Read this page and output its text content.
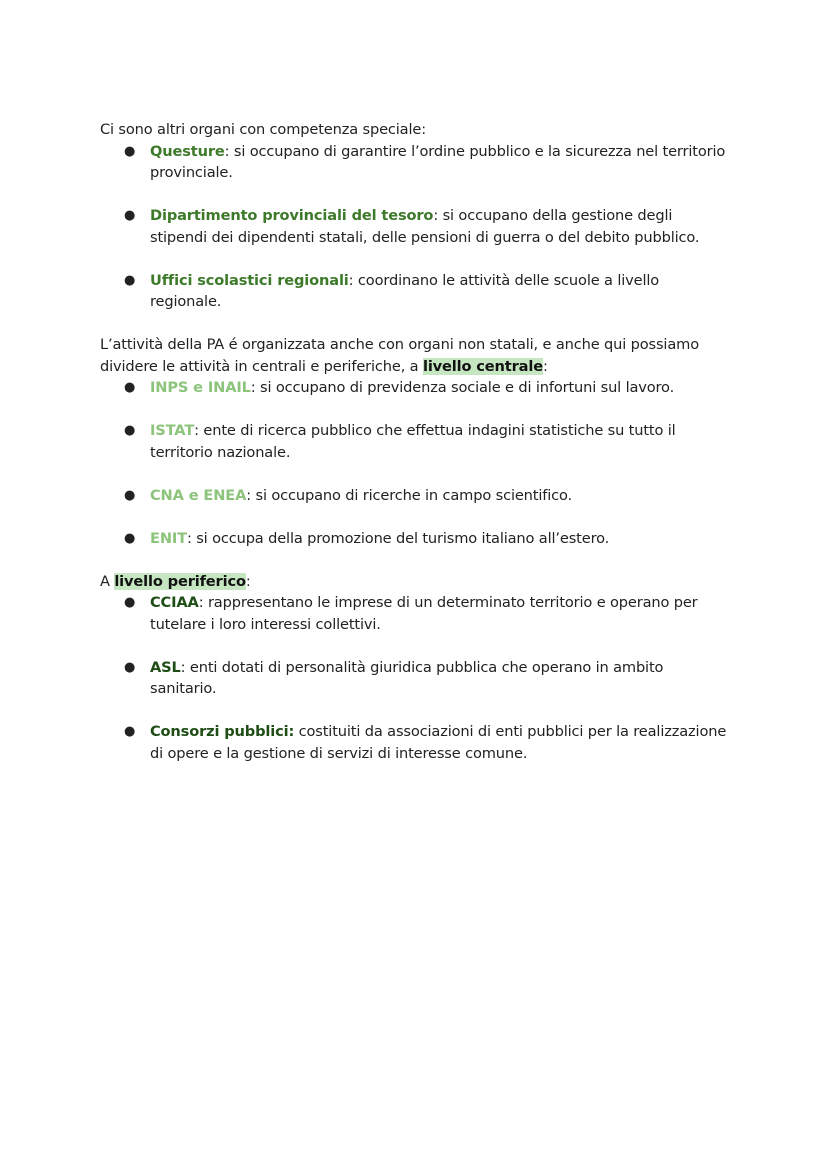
Ci sono altri organi con competenza speciale:

● Questure: si occupano di garantire l’ordine pubblico e la sicurezza nel territorio provinciale.
● Dipartimento provinciali del tesoro: si occupano della gestione degli stipendi dei dipendenti statali, delle pensioni di guerra o del debito pubblico.
● Uffici scolastici regionali: coordinano le attività delle scuole a livello regionale.

L’attività della PA é organizzata anche con organi non statali, e anche qui possiamo dividere le attività in centrali e periferiche, a livello centrale:

● INPS e INAIL: si occupano di previdenza sociale e di infortuni sul lavoro.
● ISTAT: ente di ricerca pubblico che effettua indagini statistiche su tutto il territorio nazionale.
● CNA e ENEA: si occupano di ricerche in campo scientifico.
● ENIT: si occupa della promozione del turismo italiano all’estero.

A livello periferico:

● CCIAA: rappresentano le imprese di un determinato territorio e operano per tutelare i loro interessi collettivi.
● ASL: enti dotati di personalità giuridica pubblica che operano in ambito sanitario.
● Consorzi pubblici: costituiti da associazioni di enti pubblici per la realizzazione di opere e la gestione di servizi di interesse comune.
